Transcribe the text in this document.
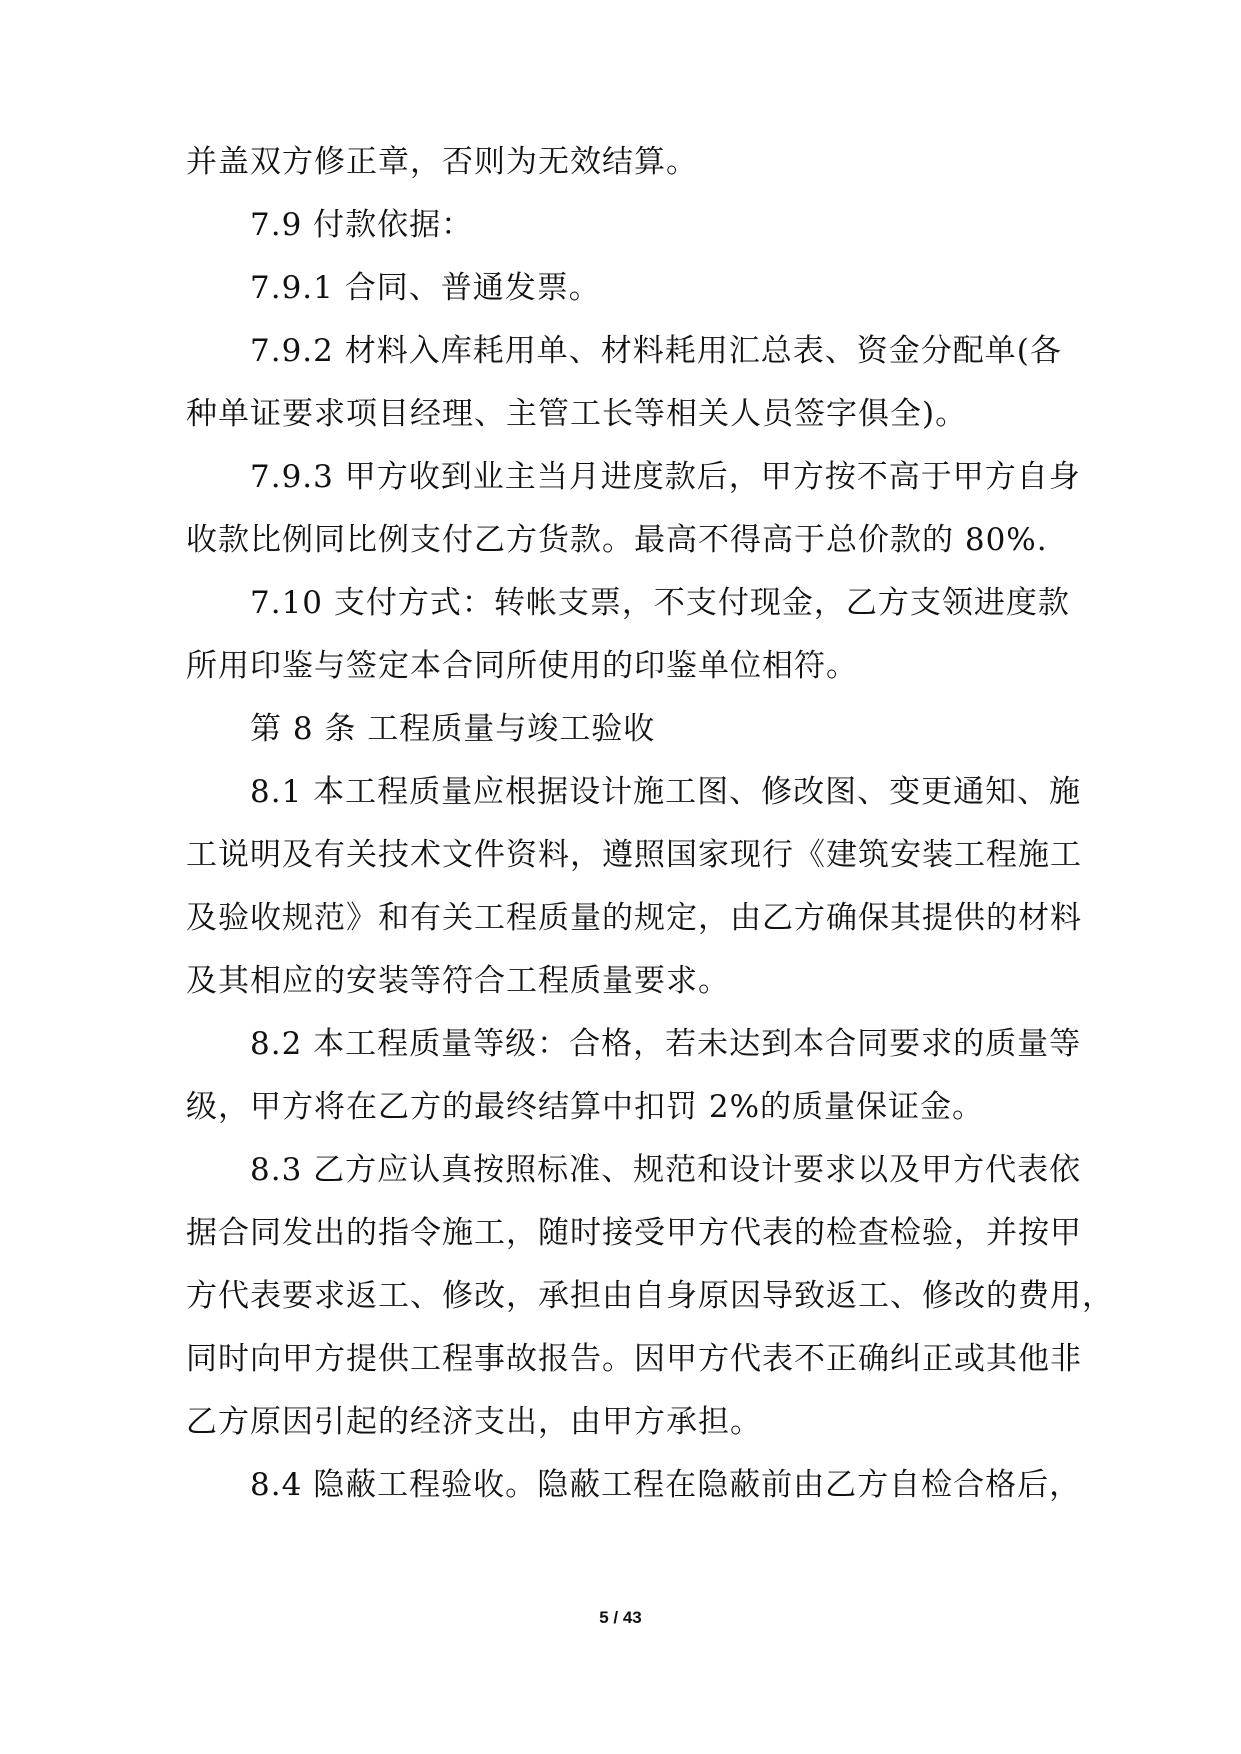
并盖双方修正章，否则为无效结算。
7.9 付款依据：
7.9.1 合同、普通发票。
7.9.2 材料入库耗用单、材料耗用汇总表、资金分配单(各
种单证要求项目经理、主管工长等相关人员签字俱全)。
7.9.3 甲方收到业主当月进度款后，甲方按不高于甲方自身
收款比例同比例支付乙方货款。最高不得高于总价款的 80%.
7.10 支付方式：转帐支票，不支付现金，乙方支领进度款
所用印鉴与签定本合同所使用的印鉴单位相符。
第 8 条 工程质量与竣工验收
8.1 本工程质量应根据设计施工图、修改图、变更通知、施
工说明及有关技术文件资料，遵照国家现行《建筑安装工程施工
及验收规范》和有关工程质量的规定，由乙方确保其提供的材料
及其相应的安装等符合工程质量要求。
8.2 本工程质量等级：合格，若未达到本合同要求的质量等
级，甲方将在乙方的最终结算中扣罚 2%的质量保证金。
8.3 乙方应认真按照标准、规范和设计要求以及甲方代表依
据合同发出的指令施工，随时接受甲方代表的检查检验，并按甲
方代表要求返工、修改，承担由自身原因导致返工、修改的费用，
同时向甲方提供工程事故报告。因甲方代表不正确纠正或其他非
乙方原因引起的经济支出，由甲方承担。
8.4 隐蔽工程验收。隐蔽工程在隐蔽前由乙方自检合格后，
5 / 43
